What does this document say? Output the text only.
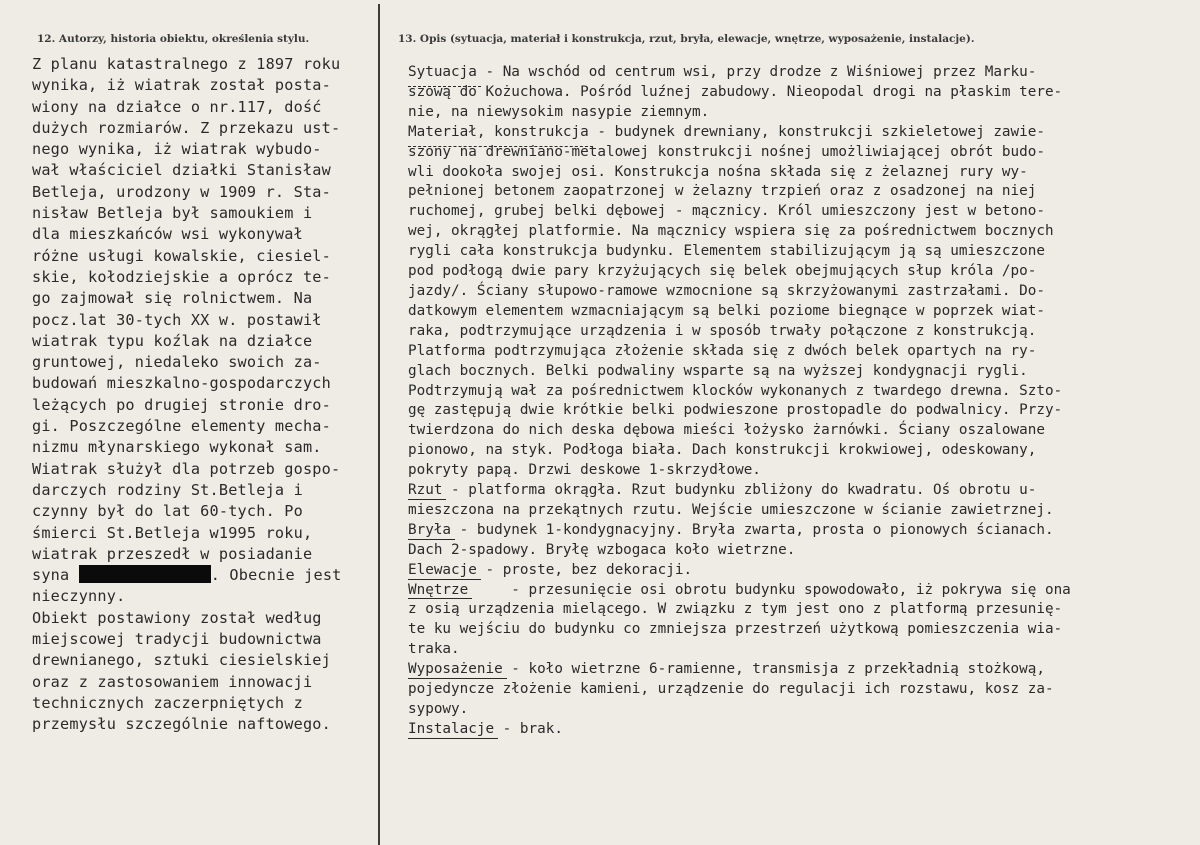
12. Autorzy, historia obiektu, określenia stylu.	13. Opis (sytuacja, materiał i konstrukcja, rzut, bryła, elewacje, wnętrze, wyposażenie, instalacje).
Z planu katastralnego z 1897 roku
wynika, iż wiatrak został posta-
wiony na działce o nr.117, dość
dużych rozmiarów. Z przekazu ust-
nego wynika, iż wiatrak wybudo-
wał właściciel działki Stanisław
Betleja, urodzony w 1909 r. Sta-
nisław Betleja był samoukiem i
dla mieszkańców wsi wykonywał
różne usługi kowalskie, ciesiel-
skie, kołodziejskie a oprócz te-
go zajmował się rolnictwem. Na
pocz.lat 30-tych XX w. postawił
wiatrak typu koźlak na działce
gruntowej, niedaleko swoich za-
budowań mieszkalno-gospodarczych
leżących po drugiej stronie dro-
gi. Poszczególne elementy mecha-
nizmu młynarskiego wykonał sam.
Wiatrak służył dla potrzeb gospo-
darczych rodziny St.Betleja i
czynny był do lat 60-tych. Po
śmierci St.Betleja w1995 roku,
wiatrak przeszedł w posiadanie
syna	. Obecnie jest
nieczynny.
Obiekt postawiony został według
miejscowej tradycji budownictwa
drewnianego, sztuki ciesielskiej
oraz z zastosowaniem innowacji
technicznych zaczerpniętych z
przemysłu szczególnie naftowego.
Sytuacja - Na wschód od centrum wsi, przy drodze z Wiśniowej przez Marku-
szową do Kożuchowa. Pośród luźnej zabudowy. Nieopodal drogi na płaskim tere-
nie, na niewysokim nasypie ziemnym.
Materiał, konstrukcja - budynek drewniany, konstrukcji szkieletowej zawie-
szony na drewniano-metalowej konstrukcji nośnej umożliwiającej obrót budo-
wli dookoła swojej osi. Konstrukcja nośna składa się z żelaznej rury wy-
pełnionej betonem zaopatrzonej w żelazny trzpień oraz z osadzonej na niej
ruchomej, grubej belki dębowej - mącznicy. Król umieszczony jest w betono-
wej, okrągłej platformie. Na mącznicy wspiera się za pośrednictwem bocznych
rygli cała konstrukcja budynku. Elementem stabilizującym ją są umieszczone
pod podłogą dwie pary krzyżujących się belek obejmujących słup króla /po-
jazdy/. Ściany słupowo-ramowe wzmocnione są skrzyżowanymi zastrzałami. Do-
datkowym elementem wzmacniającym są belki poziome biegnące w poprzek wiat-
raka, podtrzymujące urządzenia i w sposób trwały połączone z konstrukcją.
Platforma podtrzymująca złożenie składa się z dwóch belek opartych na ry-
glach bocznych. Belki podwaliny wsparte są na wyższej kondygnacji rygli.
Podtrzymują wał za pośrednictwem klocków wykonanych z twardego drewna. Szto-
gę zastępują dwie krótkie belki podwieszone prostopadle do podwalnicy. Przy-
twierdzona do nich deska dębowa mieści łożysko żarnówki. Ściany oszalowane
pionowo, na styk. Podłoga biała. Dach konstrukcji krokwiowej, odeskowany,
pokryty papą. Drzwi deskowe 1-skrzydłowe.
Rzut - platforma okrągła. Rzut budynku zbliżony do kwadratu. Oś obrotu u-
mieszczona na przekątnych rzutu. Wejście umieszczone w ścianie zawietrznej.
Bryła - budynek 1-kondygnacyjny. Bryła zwarta, prosta o pionowych ścianach.
Dach 2-spadowy. Bryłę wzbogaca koło wietrzne.
Elewacje - proste, bez dekoracji.
Wnętrze     - przesunięcie osi obrotu budynku spowodowało, iż pokrywa się ona
z osią urządzenia mielącego. W związku z tym jest ono z platformą przesunię-
te ku wejściu do budynku co zmniejsza przestrzeń użytkową pomieszczenia wia-
traka.
Wyposażenie - koło wietrzne 6-ramienne, transmisja z przekładnią stożkową,
pojedyncze złożenie kamieni, urządzenie do regulacji ich rozstawu, kosz za-
sypowy.
Instalacje - brak.
